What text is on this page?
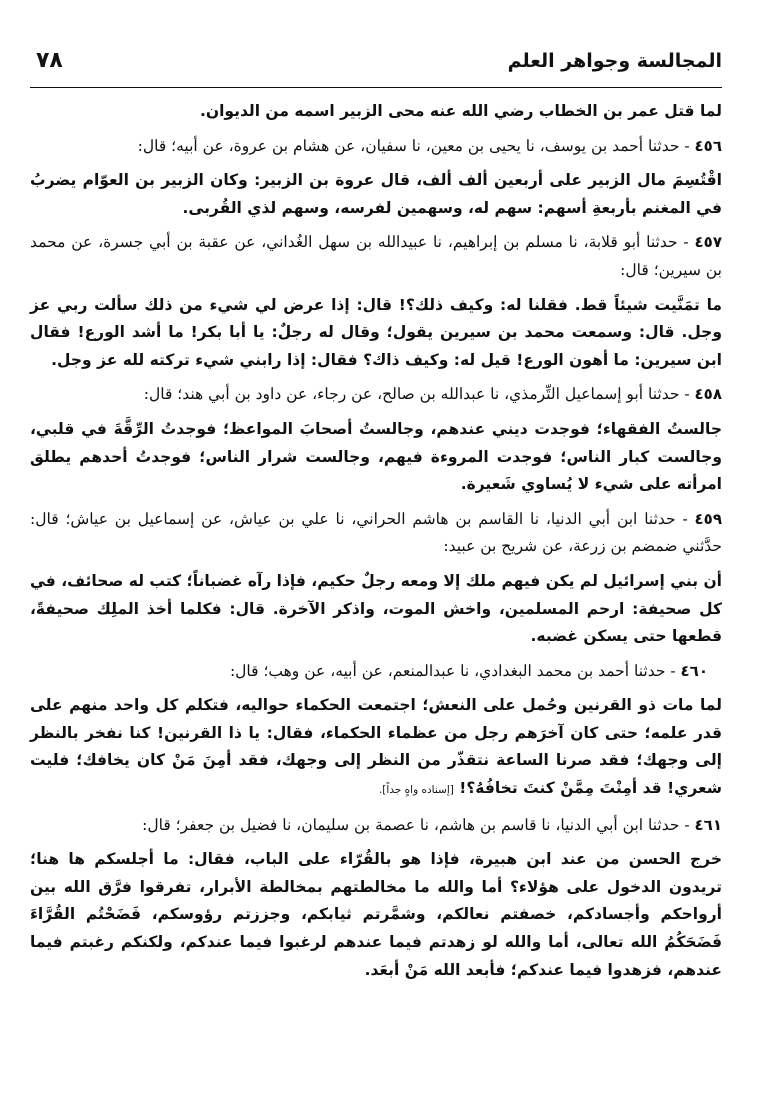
٧٨	المجالسة وجواهر العلم

لما قتل عمر بن الخطاب رضي الله عنه محى الزبير اسمه من الديوان.

٤٥٦ - حدثنا أحمد بن يوسف، نا يحيى بن معين، نا سفيان، عن هشام بن عروة، عن أبيه؛ قال:

اقْتُسِمَ مال الزبير على أربعين ألف ألف، قال عروة بن الزبير: وكان الزبير بن العوّام يضربُ في المغنم بأربعةِ أسهم: سهم له، وسهمين لفرسه، وسهم لذي القُربى.

٤٥٧ - حدثنا أبو قلابة، نا مسلم بن إبراهيم، نا عبيدالله بن سهل الغُداني، عن عقبة بن أبي جسرة، عن محمد بن سيرين؛ قال:

ما تمَنَّيت شيئاً قط. فقلنا له: وكيف ذلك؟! قال: إذا عرض لي شيء من ذلك سألت ربي عز وجل. قال: وسمعت محمد بن سيرين يقول؛ وقال له رجلٌ: يا أبا بكر! ما أشد الورع! فقال ابن سيرين: ما أهون الورع! قيل له: وكيف ذاك؟ فقال: إذا رابني شيء تركته لله عز وجل.

٤٥٨ - حدثنا أبو إسماعيل التِّرمذي، نا عبدالله بن صالح، عن رجاء، عن داود بن أبي هند؛ قال:

جالستُ الفقهاء؛ فوجدت ديني عندهم، وجالستُ أصحابَ المواعظ؛ فوجدتُ الرِّقَّةَ في قلبي، وجالست كبار الناس؛ فوجدت المروءة فيهم، وجالست شرار الناس؛ فوجدتُ أحدهم يطلق امرأته على شيء لا يُساوي شَعيرة.

٤٥٩ - حدثنا ابن أبي الدنيا، نا القاسم بن هاشم الحراني، نا علي بن عياش، عن إسماعيل بن عياش؛ قال: حدَّثني ضمضم بن زرعة، عن شريح بن عبيد:

أن بني إسرائيل لم يكن فيهم ملك إلا ومعه رجلٌ حكيم، فإذا رآه غضباناً؛ كتب له صحائف، في كل صحيفة: ارحم المسلمين، واخش الموت، واذكر الآخرة. قال: فكلما أخذ الملِك صحيفةً، قطعها حتى يسكن غضبه.

٤٦٠ - حدثنا أحمد بن محمد البغدادي، نا عبدالمنعم، عن أبيه، عن وهب؛ قال:

لما مات ذو القرنين وحُمل على النعش؛ اجتمعت الحكماء حواليه، فتكلم كل واحد منهم على قدر علمه؛ حتى كان آخرَهم رجل من عظماء الحكماء، فقال: يا ذا القرنين! كنا نفخر بالنظر إلى وجهك؛ فقد صرنا الساعة نتقذّر من النظر إلى وجهك، فقد أمِنَ مَنْ كان يخافك؛ فليت شعري! قد أمِنْتَ مِمَّنْ كنتَ تخافُهُ؟! [إسناده واهٍ جداً].

٤٦١ - حدثنا ابن أبي الدنيا، نا قاسم بن هاشم، نا عصمة بن سليمان، نا فضيل بن جعفر؛ قال:

خرج الحسن من عند ابن هبيرة، فإذا هو بالقُرّاء على الباب، فقال: ما أجلسكم ها هنا؛ تريدون الدخول على هؤلاء؟ أما والله ما مخالطتهم بمخالطة الأبرار، تفرقوا فرَّق الله بين أرواحكم وأجسادكم، خصفتم نعالكم، وشمَّرتم ثيابكم، وجززتم رؤوسكم، فَضَحْتُم القُرَّاءَ فَضَحَكُمُ الله تعالى، أما والله لو زهدتم فيما عندهم لرغبوا فيما عندكم، ولكنكم رغبتم فيما عندهم، فزهدوا فيما عندكم؛ فأبعد الله مَنْ أبعَد.
